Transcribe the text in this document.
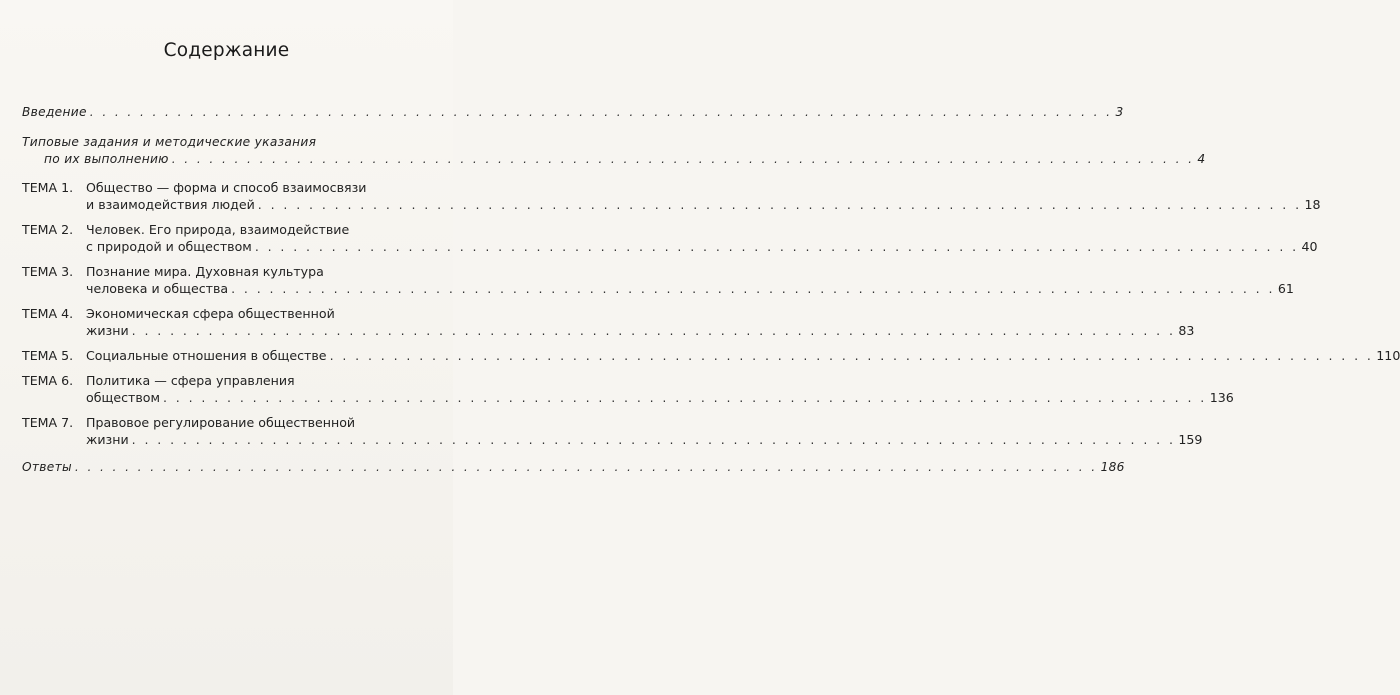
Содержание
Введение . . .	3
Типовые задания и методические указания
по их выполнению . . .	4
ТЕМА 1.	Общество — форма и способ взаимосвязи
и взаимодействия людей . . .	18
ТЕМА 2.	Человек. Его природа, взаимодействие
с природой и обществом . . .	40
ТЕМА 3.	Познание мира. Духовная культура
человека и общества . . .	61
ТЕМА 4.	Экономическая сфера общественной
жизни . . .	83
ТЕМА 5.	Социальные отношения в обществе . . .	110
ТЕМА 6.	Политика — сфера управления
обществом . . .	136
ТЕМА 7.	Правовое регулирование общественной
жизни . . .	159
Ответы . . .	186
